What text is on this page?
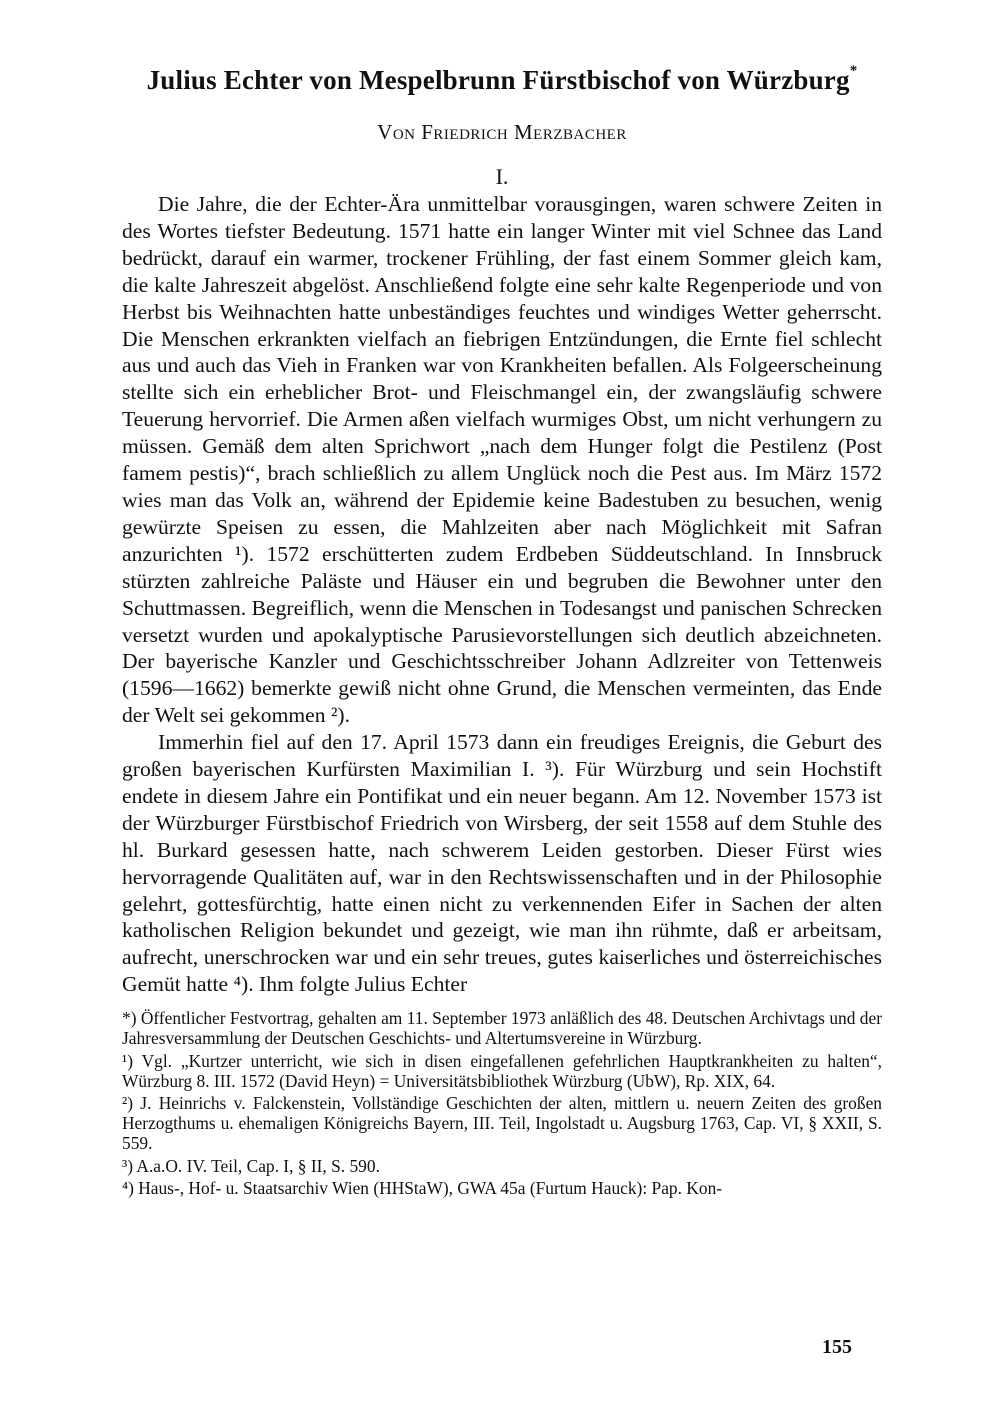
Julius Echter von Mespelbrunn Fürstbischof von Würzburg*
Von Friedrich Merzbacher
I.

Die Jahre, die der Echter-Ära unmittelbar vorausgingen, waren schwere Zeiten in des Wortes tiefster Bedeutung. 1571 hatte ein langer Winter mit viel Schnee das Land bedrückt, darauf ein warmer, trockener Frühling, der fast einem Sommer gleich kam, die kalte Jahreszeit abgelöst. Anschließend folgte eine sehr kalte Regenperiode und von Herbst bis Weihnachten hatte unbeständiges feuchtes und windiges Wetter geherrscht. Die Menschen erkrankten vielfach an fiebrigen Entzündungen, die Ernte fiel schlecht aus und auch das Vieh in Franken war von Krankheiten befallen. Als Folgeerscheinung stellte sich ein erheblicher Brot- und Fleischmangel ein, der zwangsläufig schwere Teuerung hervorrief. Die Armen aßen vielfach wurmiges Obst, um nicht verhungern zu müssen. Gemäß dem alten Sprichwort „nach dem Hunger folgt die Pestilenz (Post famem pestis)“, brach schließlich zu allem Unglück noch die Pest aus. Im März 1572 wies man das Volk an, während der Epidemie keine Badestuben zu besuchen, wenig gewürzte Speisen zu essen, die Mahlzeiten aber nach Möglichkeit mit Safran anzurichten ¹). 1572 erschütterten zudem Erdbeben Süddeutschland. In Innsbruck stürzten zahlreiche Paläste und Häuser ein und begruben die Bewohner unter den Schuttmassen. Begreiflich, wenn die Menschen in Todesangst und panischen Schrecken versetzt wurden und apokalyptische Parusievorstellungen sich deutlich abzeichneten. Der bayerische Kanzler und Geschichtsschreiber Johann Adlzreiter von Tettenweis (1596—1662) bemerkte gewiß nicht ohne Grund, die Menschen vermeinten, das Ende der Welt sei gekommen ²).

Immerhin fiel auf den 17. April 1573 dann ein freudiges Ereignis, die Geburt des großen bayerischen Kurfürsten Maximilian I. ³). Für Würzburg und sein Hochstift endete in diesem Jahre ein Pontifikat und ein neuer begann. Am 12. November 1573 ist der Würzburger Fürstbischof Friedrich von Wirsberg, der seit 1558 auf dem Stuhle des hl. Burkard gesessen hatte, nach schwerem Leiden gestorben. Dieser Fürst wies hervorragende Qualitäten auf, war in den Rechtswissenschaften und in der Philosophie gelehrt, gottesfürchtig, hatte einen nicht zu verkennenden Eifer in Sachen der alten katholischen Religion bekundet und gezeigt, wie man ihn rühmte, daß er arbeitsam, aufrecht, unerschrocken war und ein sehr treues, gutes kaiserliches und österreichisches Gemüt hatte ⁴). Ihm folgte Julius Echter

*) Öffentlicher Festvortrag, gehalten am 11. September 1973 anläßlich des 48. Deutschen Archivtags und der Jahresversammlung der Deutschen Geschichts- und Altertumsvereine in Würzburg.

¹) Vgl. „Kurtzer unterricht, wie sich in disen eingefallenen gefehrlichen Hauptkrankheiten zu halten“, Würzburg 8. III. 1572 (David Heyn) = Universitätsbibliothek Würzburg (UbW), Rp. XIX, 64.

²) J. Heinrichs v. Falckenstein, Vollständige Geschichten der alten, mittlern u. neuern Zeiten des großen Herzogthums u. ehemaligen Königreichs Bayern, III. Teil, Ingolstadt u. Augsburg 1763, Cap. VI, § XXII, S. 559.

³) A.a.O. IV. Teil, Cap. I, § II, S. 590.

⁴) Haus-, Hof- u. Staatsarchiv Wien (HHStaW), GWA 45a (Furtum Hauck): Pap. Kon-

155
